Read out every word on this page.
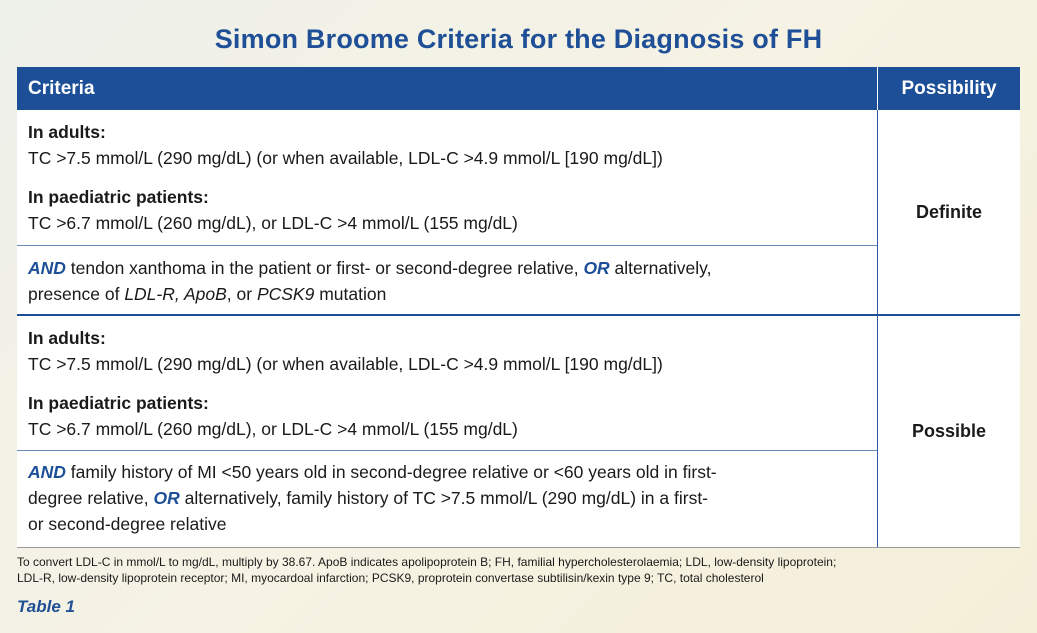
Simon Broome Criteria for the Diagnosis of FH
Criteria	Possibility
In adults:
TC >7.5 mmol/L (290 mg/dL) (or when available, LDL-C >4.9 mmol/L [190 mg/dL])
In paediatric patients:
TC >6.7 mmol/L (260 mg/dL), or LDL-C >4 mmol/L (155 mg/dL)
AND tendon xanthoma in the patient or first- or second-degree relative, OR alternatively,
presence of LDL-R, ApoB, or PCSK9 mutation
Definite
In adults:
TC >7.5 mmol/L (290 mg/dL) (or when available, LDL-C >4.9 mmol/L [190 mg/dL])
In paediatric patients:
TC >6.7 mmol/L (260 mg/dL), or LDL-C >4 mmol/L (155 mg/dL)
AND family history of MI <50 years old in second-degree relative or <60 years old in first-
degree relative, OR alternatively, family history of TC >7.5 mmol/L (290 mg/dL) in a first-
or second-degree relative
Possible
To convert LDL-C in mmol/L to mg/dL, multiply by 38.67. ApoB indicates apolipoprotein B; FH, familial hypercholesterolaemia; LDL, low-density lipoprotein;
LDL-R, low-density lipoprotein receptor; MI, myocardoal infarction; PCSK9, proprotein convertase subtilisin/kexin type 9; TC, total cholesterol
Table 1
